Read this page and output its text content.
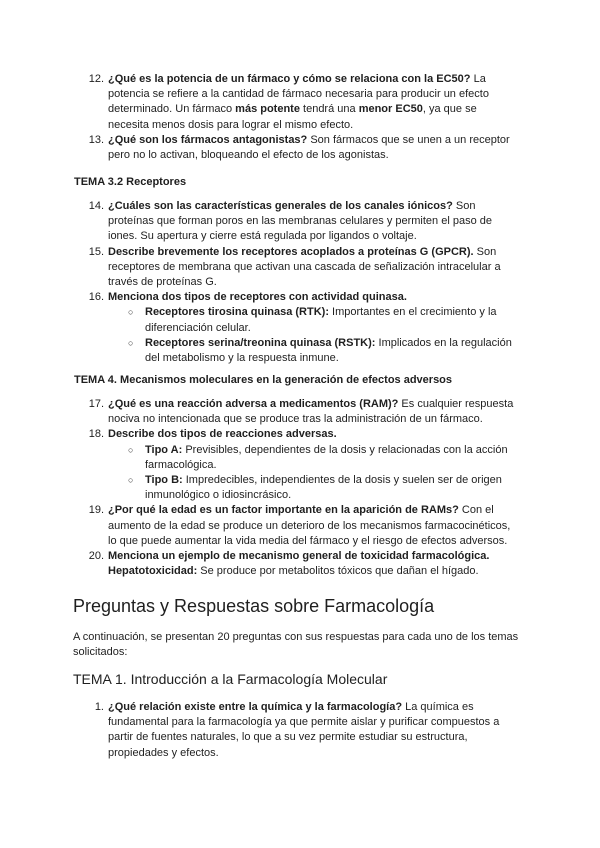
12. ¿Qué es la potencia de un fármaco y cómo se relaciona con la EC50? La potencia se refiere a la cantidad de fármaco necesaria para producir un efecto determinado. Un fármaco más potente tendrá una menor EC50, ya que se necesita menos dosis para lograr el mismo efecto.
13. ¿Qué son los fármacos antagonistas? Son fármacos que se unen a un receptor pero no lo activan, bloqueando el efecto de los agonistas.
TEMA 3.2 Receptores
14. ¿Cuáles son las características generales de los canales iónicos? Son proteínas que forman poros en las membranas celulares y permiten el paso de iones. Su apertura y cierre está regulada por ligandos o voltaje.
15. Describe brevemente los receptores acoplados a proteínas G (GPCR). Son receptores de membrana que activan una cascada de señalización intracelular a través de proteínas G.
16. Menciona dos tipos de receptores con actividad quinasa.
○ Receptores tirosina quinasa (RTK): Importantes en el crecimiento y la diferenciación celular.
○ Receptores serina/treonina quinasa (RSTK): Implicados en la regulación del metabolismo y la respuesta inmune.
TEMA 4. Mecanismos moleculares en la generación de efectos adversos
17. ¿Qué es una reacción adversa a medicamentos (RAM)? Es cualquier respuesta nociva no intencionada que se produce tras la administración de un fármaco.
18. Describe dos tipos de reacciones adversas.
○ Tipo A: Previsibles, dependientes de la dosis y relacionadas con la acción farmacológica.
○ Tipo B: Impredecibles, independientes de la dosis y suelen ser de origen inmunológico o idiosincrásico.
19. ¿Por qué la edad es un factor importante en la aparición de RAMs? Con el aumento de la edad se produce un deterioro de los mecanismos farmacocinéticos, lo que puede aumentar la vida media del fármaco y el riesgo de efectos adversos.
20. Menciona un ejemplo de mecanismo general de toxicidad farmacológica.
Hepatotoxicidad: Se produce por metabolitos tóxicos que dañan el hígado.
Preguntas y Respuestas sobre Farmacología
A continuación, se presentan 20 preguntas con sus respuestas para cada uno de los temas solicitados:
TEMA 1. Introducción a la Farmacología Molecular
1. ¿Qué relación existe entre la química y la farmacología? La química es fundamental para la farmacología ya que permite aislar y purificar compuestos a partir de fuentes naturales, lo que a su vez permite estudiar su estructura, propiedades y efectos.
